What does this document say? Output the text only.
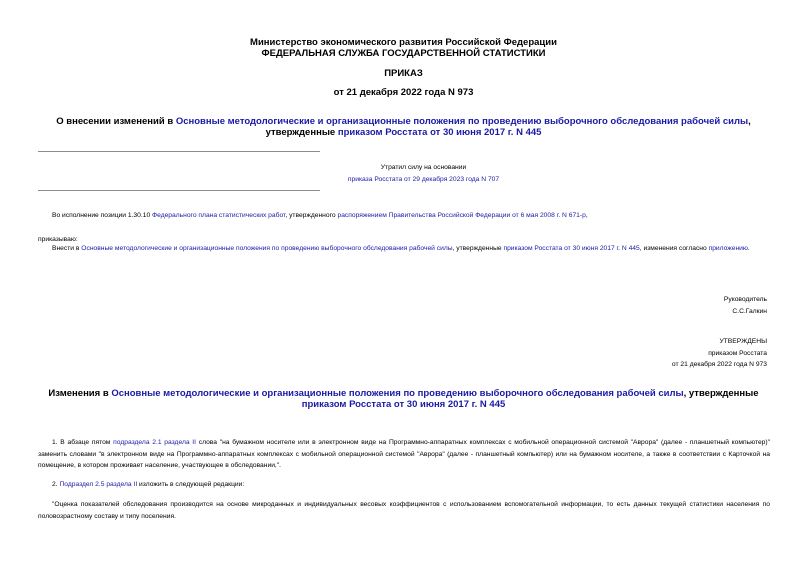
Министерство экономического развития Российской Федерации
ФЕДЕРАЛЬНАЯ СЛУЖБА ГОСУДАРСТВЕННОЙ СТАТИСТИКИ
ПРИКАЗ
от 21 декабря 2022 года N 973
О внесении изменений в Основные методологические и организационные положения по проведению выборочного обследования рабочей силы, утвержденные приказом Росстата от 30 июня 2017 г. N 445
Утратил силу на основании
приказа Росстата от 29 декабря 2023 года N 707
Во исполнение позиции 1.30.10 Федерального плана статистических работ, утвержденного распоряжением Правительства Российской Федерации от 6 мая 2008 г. N 671-р,
приказываю:
Внести в Основные методологические и организационные положения по проведению выборочного обследования рабочей силы, утвержденные приказом Росстата от 30 июня 2017 г. N 445, изменения согласно приложению.
Руководитель
С.С.Галкин
УТВЕРЖДЕНЫ
приказом Росстата
от 21 декабря 2022 года N 973
Изменения в Основные методологические и организационные положения по проведению выборочного обследования рабочей силы, утвержденные приказом Росстата от 30 июня 2017 г. N 445
1. В абзаце пятом подраздела 2.1 раздела II слова "на бумажном носителе или в электронном виде на Программно-аппаратных комплексах с мобильной операционной системой "Аврора" (далее - планшетный компьютер)" заменить словами "в электронном виде на Программно-аппаратных комплексах с мобильной операционной системой "Аврора" (далее - планшетный компьютер) или на бумажном носителе, а также в соответствии с Карточкой на помещение, в котором проживает население, участвующее в обследовании,".
2. Подраздел 2.5 раздела II изложить в следующей редакции:
"Оценка показателей обследования производится на основе микроданных и индивидуальных весовых коэффициентов с использованием вспомогательной информации, то есть данных текущей статистики населения по половозрастному составу и типу поселения.
